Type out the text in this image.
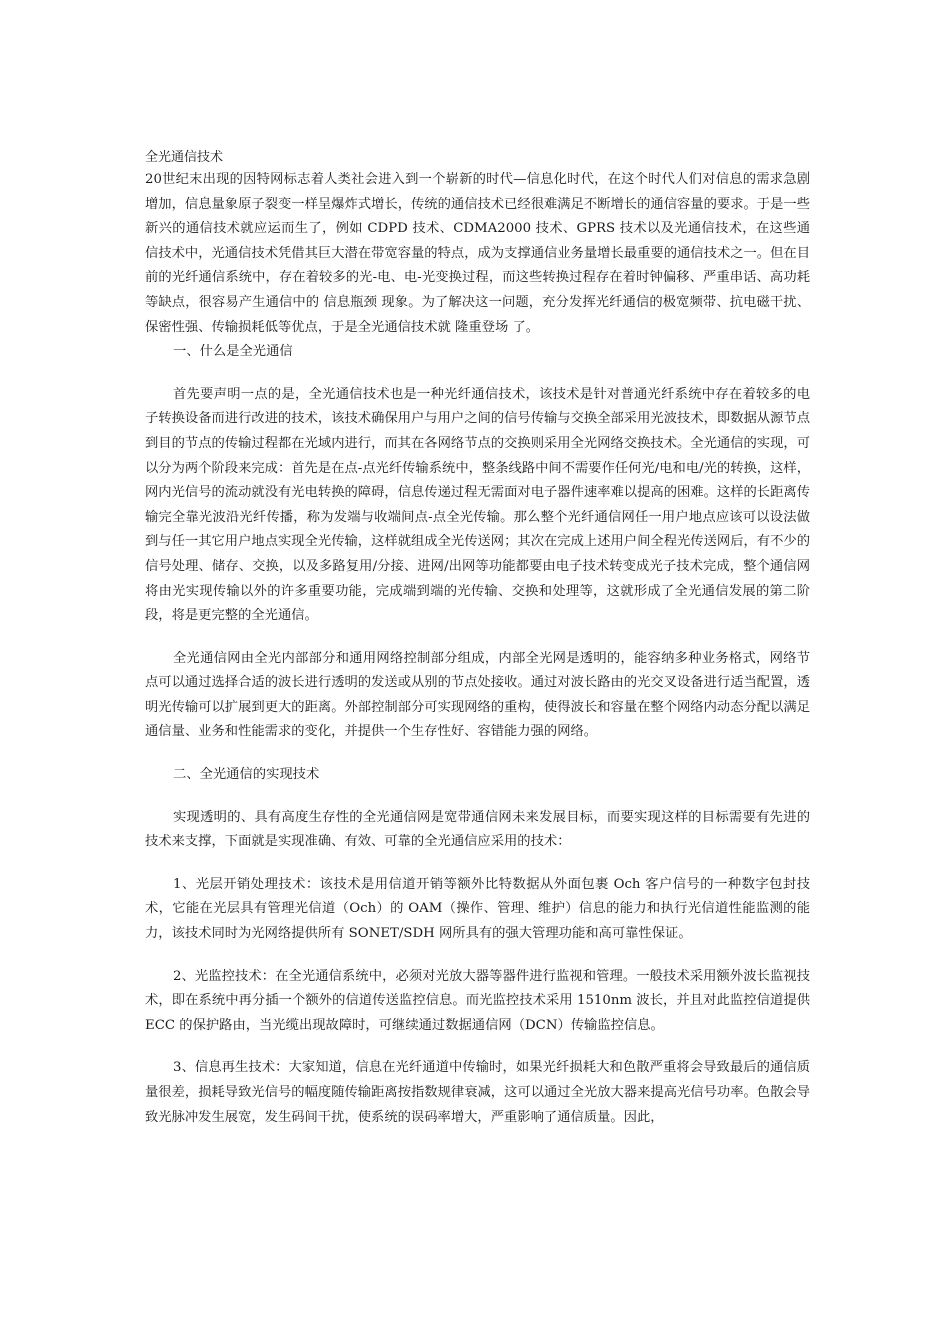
全光通信技术

20世纪末出现的因特网标志着人类社会进入到一个崭新的时代—信息化时代，在这个时代人们对信息的需求急剧增加，信息量象原子裂变一样呈爆炸式增长，传统的通信技术已经很难满足不断增长的通信容量的要求。于是一些新兴的通信技术就应运而生了，例如 CDPD 技术、CDMA2000 技术、GPRS 技术以及光通信技术，在这些通信技术中，光通信技术凭借其巨大潜在带宽容量的特点，成为支撑通信业务量增长最重要的通信技术之一。但在目前的光纤通信系统中，存在着较多的光-电、电-光变换过程，而这些转换过程存在着时钟偏移、严重串话、高功耗等缺点，很容易产生通信中的 信息瓶颈 现象。为了解决这一问题，充分发挥光纤通信的极宽频带、抗电磁干扰、保密性强、传输损耗低等优点，于是全光通信技术就 隆重登场 了。

一、什么是全光通信

首先要声明一点的是，全光通信技术也是一种光纤通信技术，该技术是针对普通光纤系统中存在着较多的电子转换设备而进行改进的技术，该技术确保用户与用户之间的信号传输与交换全部采用光波技术，即数据从源节点到目的节点的传输过程都在光域内进行，而其在各网络节点的交换则采用全光网络交换技术。全光通信的实现，可以分为两个阶段来完成：首先是在点-点光纤传输系统中，整条线路中间不需要作任何光/电和电/光的转换，这样，网内光信号的流动就没有光电转换的障碍，信息传递过程无需面对电子器件速率难以提高的困难。这样的长距离传输完全靠光波沿光纤传播，称为发端与收端间点-点全光传输。那么整个光纤通信网任一用户地点应该可以设法做到与任一其它用户地点实现全光传输，这样就组成全光传送网；其次在完成上述用户间全程光传送网后，有不少的信号处理、储存、交换，以及多路复用/分接、进网/出网等功能都要由电子技术转变成光子技术完成，整个通信网将由光实现传输以外的许多重要功能，完成端到端的光传输、交换和处理等，这就形成了全光通信发展的第二阶段，将是更完整的全光通信。

全光通信网由全光内部部分和通用网络控制部分组成，内部全光网是透明的，能容纳多种业务格式，网络节点可以通过选择合适的波长进行透明的发送或从别的节点处接收。通过对波长路由的光交叉设备进行适当配置，透明光传输可以扩展到更大的距离。外部控制部分可实现网络的重构，使得波长和容量在整个网络内动态分配以满足通信量、业务和性能需求的变化，并提供一个生存性好、容错能力强的网络。

二、全光通信的实现技术

实现透明的、具有高度生存性的全光通信网是宽带通信网未来发展目标，而要实现这样的目标需要有先进的技术来支撑，下面就是实现准确、有效、可靠的全光通信应采用的技术：

1、光层开销处理技术：该技术是用信道开销等额外比特数据从外面包裹 Och 客户信号的一种数字包封技术，它能在光层具有管理光信道（Och）的 OAM（操作、管理、维护）信息的能力和执行光信道性能监测的能力，该技术同时为光网络提供所有 SONET/SDH 网所具有的强大管理功能和高可靠性保证。

2、光监控技术：在全光通信系统中，必须对光放大器等器件进行监视和管理。一般技术采用额外波长监视技术，即在系统中再分插一个额外的信道传送监控信息。而光监控技术采用 1510nm 波长，并且对此监控信道提供 ECC 的保护路由，当光缆出现故障时，可继续通过数据通信网（DCN）传输监控信息。

3、信息再生技术：大家知道，信息在光纤通道中传输时，如果光纤损耗大和色散严重将会导致最后的通信质量很差，损耗导致光信号的幅度随传输距离按指数规律衰减，这可以通过全光放大器来提高光信号功率。色散会导致光脉冲发生展宽，发生码间干扰，使系统的误码率增大，严重影响了通信质量。因此，
